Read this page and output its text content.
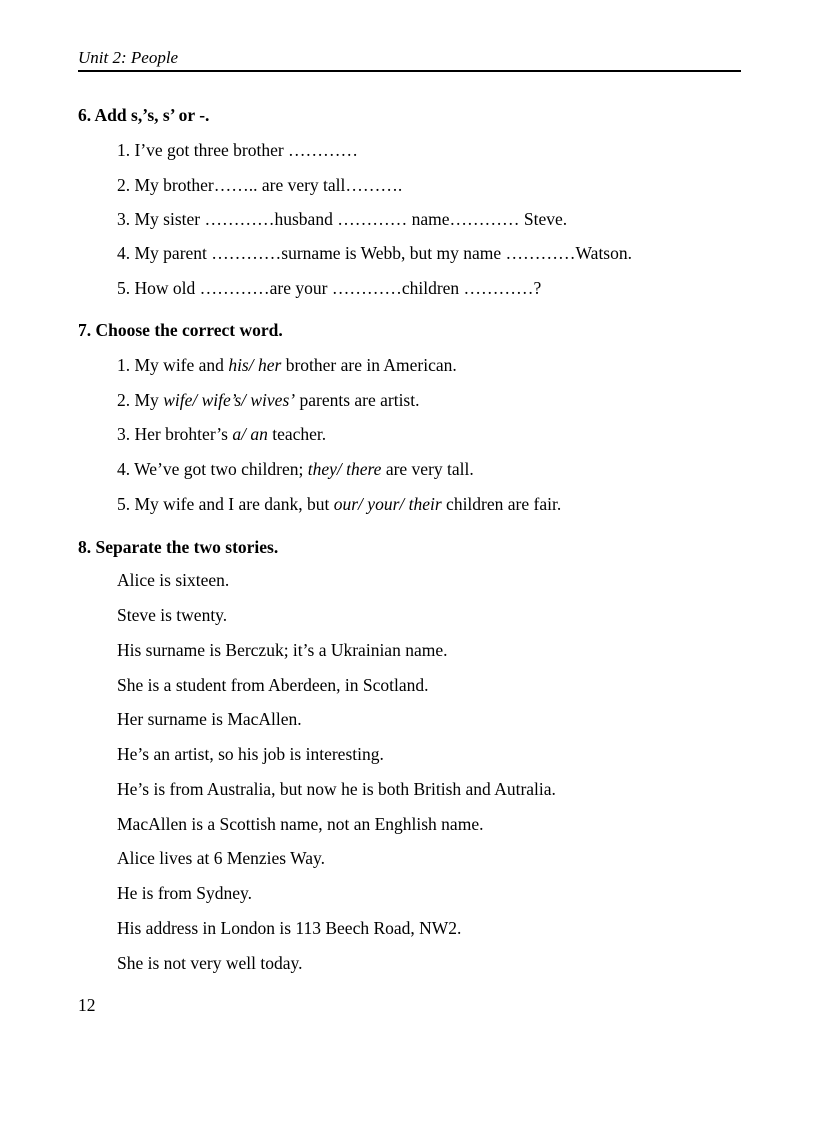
Unit 2: People
6. Add s,’s, s’ or -.
1. I’ve got three brother …………
2. My brother…….. are very tall……….
3. My sister …………husband ………… name………… Steve.
4. My parent …………surname is Webb, but my name …………Watson.
5. How old …………are your …………children …………?
7. Choose the correct word.
1. My wife and his/ her brother are in American.
2. My wife/ wife’s/ wives’ parents are artist.
3. Her brohter’s a/ an teacher.
4. We’ve got two children; they/ there are very tall.
5. My wife and I are dank, but our/ your/ their children are fair.
8. Separate the two stories.
Alice is sixteen.
Steve is twenty.
His surname is Berczuk; it’s a Ukrainian name.
She is a student from Aberdeen, in Scotland.
Her surname is MacAllen.
He’s an artist, so his job is interesting.
He’s is from Australia, but now he is both British and Autralia.
MacAllen is a Scottish name, not an Enghlish name.
Alice lives at 6 Menzies Way.
He is from Sydney.
His address in London is 113 Beech Road, NW2.
She is not very well today.
12
